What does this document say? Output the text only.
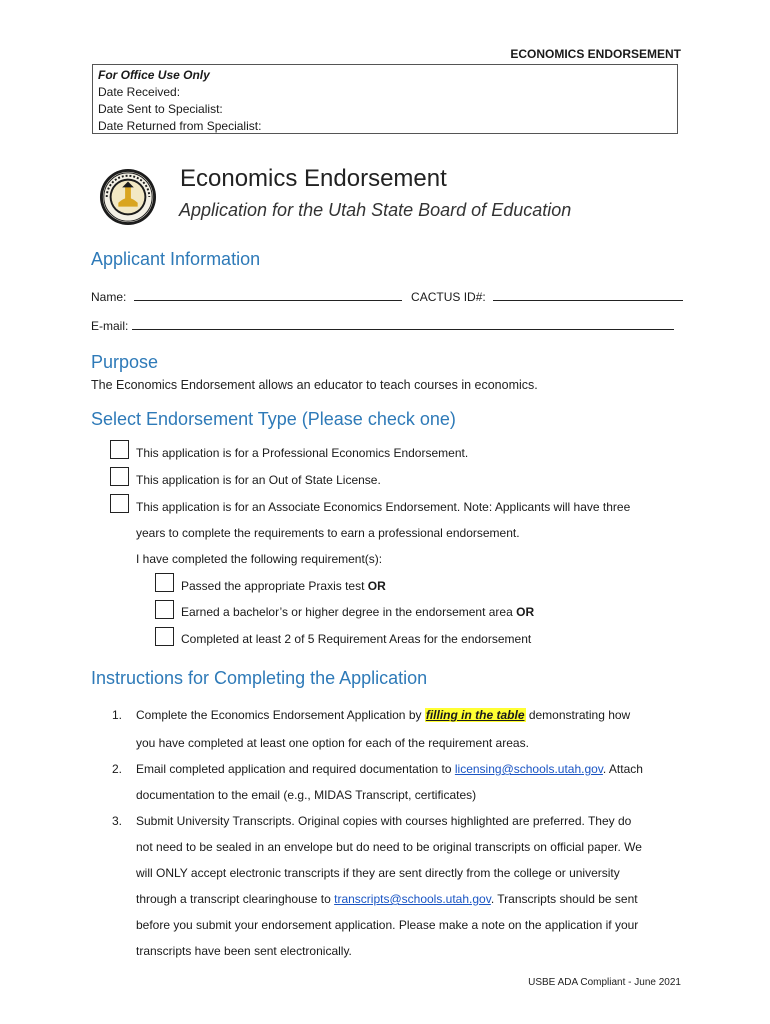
ECONOMICS ENDORSEMENT
For Office Use Only
Date Received:
Date Sent to Specialist:
Date Returned from Specialist:
Economics Endorsement
Application for the Utah State Board of Education
Applicant Information
Name:	CACTUS ID#:
E-mail:
Purpose
The Economics Endorsement allows an educator to teach courses in economics.
Select Endorsement Type (Please check one)
This application is for a Professional Economics Endorsement.
This application is for an Out of State License.
This application is for an Associate Economics Endorsement. Note: Applicants will have three
years to complete the requirements to earn a professional endorsement.
I have completed the following requirement(s):
Passed the appropriate Praxis test OR
Earned a bachelor’s or higher degree in the endorsement area OR
Completed at least 2 of 5 Requirement Areas for the endorsement
Instructions for Completing the Application
1. Complete the Economics Endorsement Application by filling in the table demonstrating how
you have completed at least one option for each of the requirement areas.
2. Email completed application and required documentation to licensing@schools.utah.gov. Attach
documentation to the email (e.g., MIDAS Transcript, certificates)
3. Submit University Transcripts. Original copies with courses highlighted are preferred. They do
not need to be sealed in an envelope but do need to be original transcripts on official paper. We
will ONLY accept electronic transcripts if they are sent directly from the college or university
through a transcript clearinghouse to transcripts@schools.utah.gov. Transcripts should be sent
before you submit your endorsement application. Please make a note on the application if your
transcripts have been sent electronically.
USBE ADA Compliant - June 2021
